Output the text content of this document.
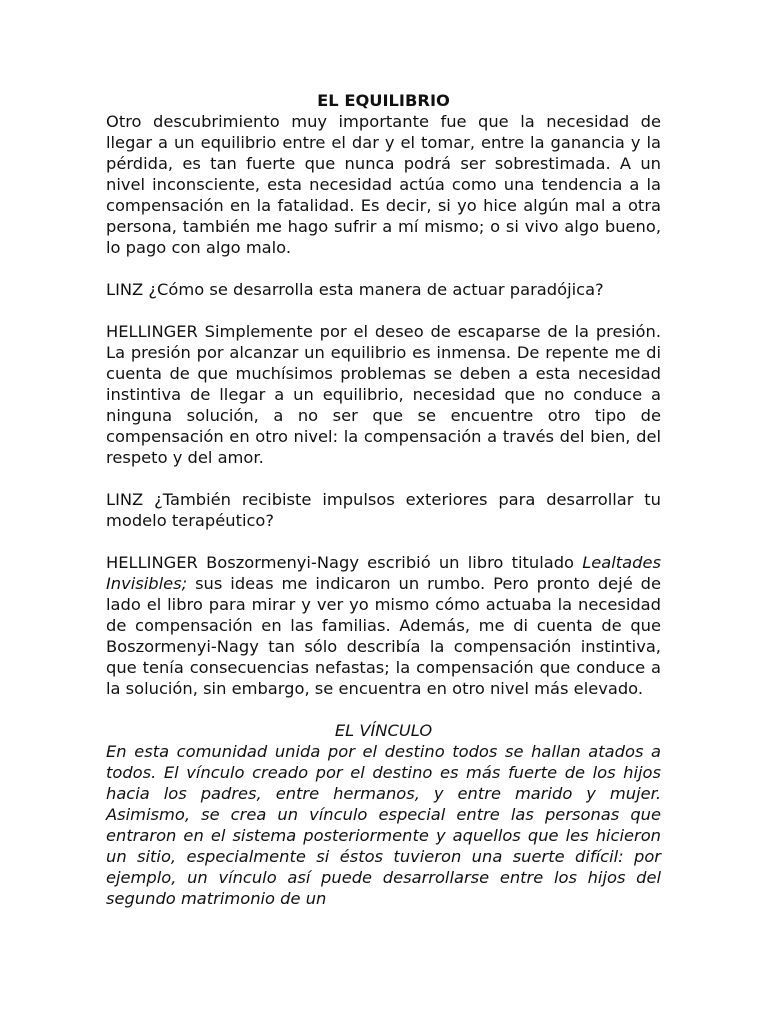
EL EQUILIBRIO

Otro descubrimiento muy importante fue que la necesidad de llegar a un equilibrio entre el dar y el tomar, entre la ganancia y la pérdida, es tan fuerte que nunca podrá ser sobrestimada. A un nivel inconsciente, esta necesidad actúa como una tendencia a la compensación en la fatalidad. Es decir, si yo hice algún mal a otra persona, también me hago sufrir a mí mismo; o si vivo algo bueno, lo pago con algo malo.

LINZ ¿Cómo se desarrolla esta manera de actuar paradójica?

HELLINGER Simplemente por el deseo de escaparse de la presión. La presión por alcanzar un equilibrio es inmensa. De repente me di cuenta de que muchísimos problemas se deben a esta necesidad instintiva de llegar a un equilibrio, necesidad que no conduce a ninguna solución, a no ser que se encuentre otro tipo de compensación en otro nivel: la compensación a través del bien, del respeto y del amor.

LINZ ¿También recibiste impulsos exteriores para desarrollar tu modelo terapéutico?

HELLINGER Boszormenyi-Nagy escribió un libro titulado Lealtades Invisibles; sus ideas me indicaron un rumbo. Pero pronto dejé de lado el libro para mirar y ver yo mismo cómo actuaba la necesidad de compensación en las familias. Además, me di cuenta de que Boszormenyi-Nagy tan sólo describía la compensación instintiva, que tenía consecuencias nefastas; la compensación que conduce a la solución, sin embargo, se encuentra en otro nivel más elevado.

EL VÍNCULO

En esta comunidad unida por el destino todos se hallan atados a todos. El vínculo creado por el destino es más fuerte de los hijos hacia los padres, entre hermanos, y entre marido y mujer. Asimismo, se crea un vínculo especial entre las personas que entraron en el sistema posteriormente y aquellos que les hicieron un sitio, especialmente si éstos tuvieron una suerte difícil: por ejemplo, un vínculo así puede desarrollarse entre los hijos del segundo matrimonio de un
